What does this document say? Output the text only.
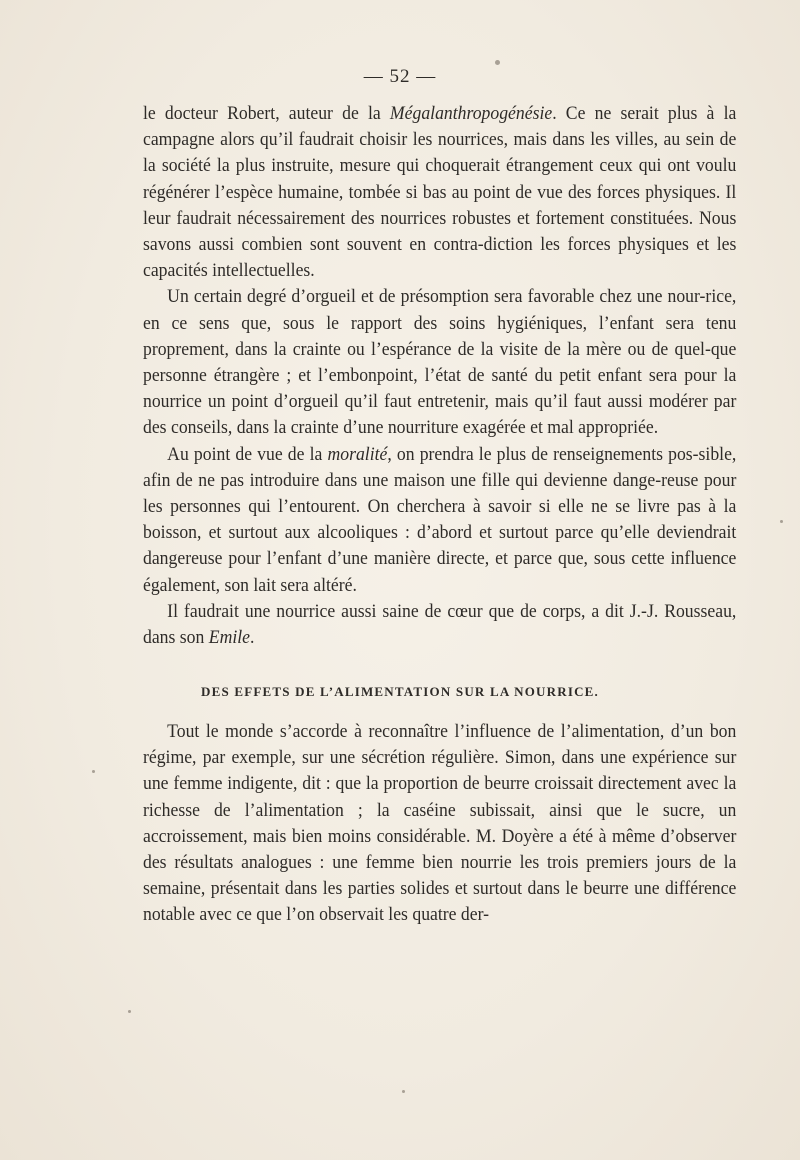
— 52 —

le docteur Robert, auteur de la Mégalanthropogénésie. Ce ne serait plus à la campagne alors qu’il faudrait choisir les nourrices, mais dans les villes, au sein de la société la plus instruite, mesure qui choquerait étrangement ceux qui ont voulu régénérer l’espèce humaine, tombée si bas au point de vue des forces physiques. Il leur faudrait nécessairement des nourrices robustes et fortement constituées. Nous savons aussi combien sont souvent en contra-diction les forces physiques et les capacités intellectuelles.

Un certain degré d’orgueil et de présomption sera favorable chez une nour-rice, en ce sens que, sous le rapport des soins hygiéniques, l’enfant sera tenu proprement, dans la crainte ou l’espérance de la visite de la mère ou de quel-que personne étrangère ; et l’embonpoint, l’état de santé du petit enfant sera pour la nourrice un point d’orgueil qu’il faut entretenir, mais qu’il faut aussi modérer par des conseils, dans la crainte d’une nourriture exagérée et mal appropriée.

Au point de vue de la moralité, on prendra le plus de renseignements pos-sible, afin de ne pas introduire dans une maison une fille qui devienne dange-reuse pour les personnes qui l’entourent. On cherchera à savoir si elle ne se livre pas à la boisson, et surtout aux alcooliques : d’abord et surtout parce qu’elle deviendrait dangereuse pour l’enfant d’une manière directe, et parce que, sous cette influence également, son lait sera altéré.

Il faudrait une nourrice aussi saine de cœur que de corps, a dit J.-J. Rousseau, dans son Emile.

DES EFFETS DE L’ALIMENTATION SUR LA NOURRICE.

Tout le monde s’accorde à reconnaître l’influence de l’alimentation, d’un bon régime, par exemple, sur une sécrétion régulière. Simon, dans une expérience sur une femme indigente, dit : que la proportion de beurre croissait directement avec la richesse de l’alimentation ; la caséine subissait, ainsi que le sucre, un accroissement, mais bien moins considérable. M. Doyère a été à même d’observer des résultats analogues : une femme bien nourrie les trois premiers jours de la semaine, présentait dans les parties solides et surtout dans le beurre une différence notable avec ce que l’on observait les quatre der-
